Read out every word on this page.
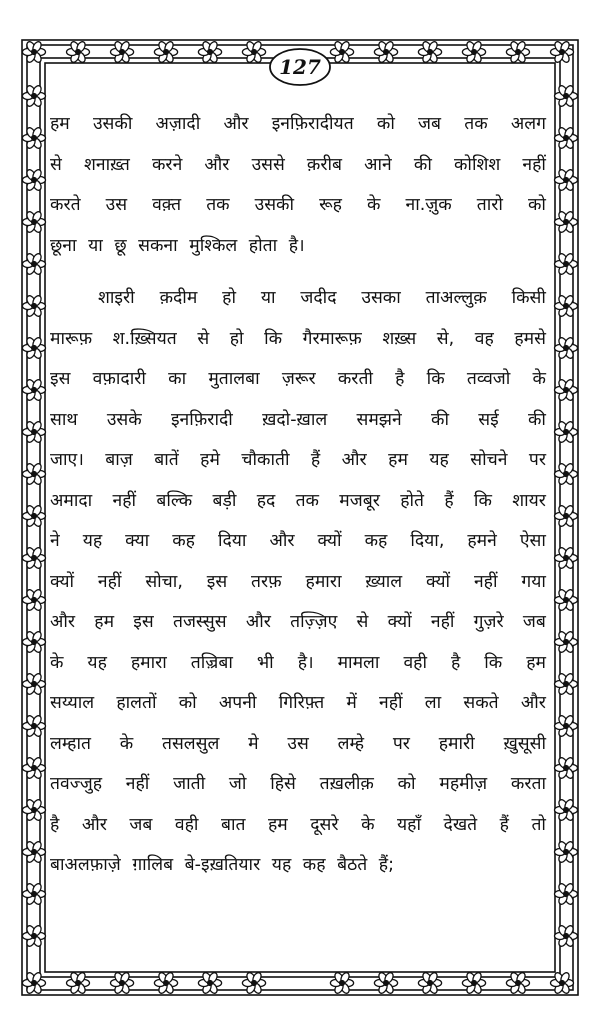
127
हम उसकी अज़ादी और इनफ़िरादीयत को जब तक अलग
से शनाख़्त करने और उससे क़रीब आने की कोशिश नहीं
करते उस वक़्त तक उसकी रूह के ना.ज़ुक तारो को
छूना या छू सकना मुश्किल होता है।
शाइरी क़दीम हो या जदीद उसका ताअल्लुक़ किसी
मारूफ़ श.ख़्सियत से हो कि गैरमारूफ़ शख़्स से, वह हमसे
इस वफ़ादारी का मुतालबा ज़रूर करती है कि तव्वजो के
साथ उसके इनफ़िरादी ख़दो-ख़ाल समझने की सई की
जाए। बाज़ बातें हमे चौकाती हैं और हम यह सोचने पर
अमादा नहीं बल्कि बड़ी हद तक मजबूर होते हैं कि शायर
ने यह क्या कह दिया और क्यों कह दिया, हमने ऐसा
क्यों नहीं सोचा, इस तरफ़ हमारा ख़्याल क्यों नहीं गया
और हम इस तजस्सुस और तज़्ज़िए से क्यों नहीं गुज़रे जब
के यह हमारा तज़्रिबा भी है। मामला वही है कि हम
सय्याल हालतों को अपनी गिरिफ़्त में नहीं ला सकते और
लम्हात के तसलसुल मे उस लम्हे पर हमारी ख़ुसूसी
तवज्जुह नहीं जाती जो हिसे तख़लीक़ को महमीज़ करता
है और जब वही बात हम दूसरे के यहाँ देखते हैं तो
बाअलफ़ाज़े ग़ालिब बे-इख़तियार यह कह बैठते हैं;
